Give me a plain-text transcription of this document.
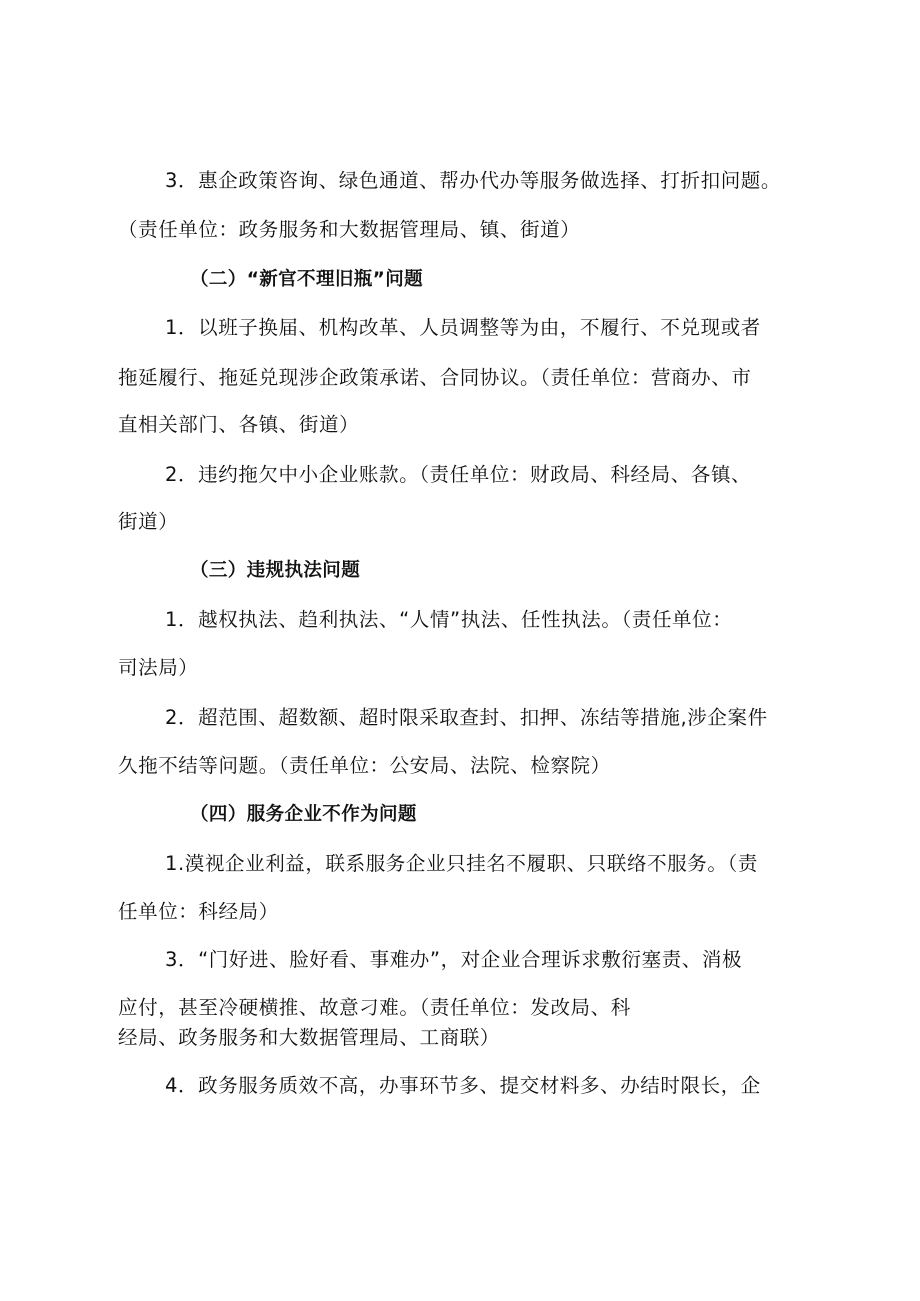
3．惠企政策咨询、绿色通道、帮办代办等服务做选择、打折扣问题。
（责任单位：政务服务和大数据管理局、镇、街道）
（二）“新官不理旧瓶”问题
1．以班子换届、机构改革、人员调整等为由，不履行、不兑现或者
拖延履行、拖延兑现涉企政策承诺、合同协议。（责任单位：营商办、市
直相关部门、各镇、街道）
2．违约拖欠中小企业账款。（责任单位：财政局、科经局、各镇、
街道）
（三）违规执法问题
1．越权执法、趋利执法、“人情”执法、任性执法。（责任单位：
司法局）
2．超范围、超数额、超时限采取查封、扣押、冻结等措施,涉企案件
久拖不结等问题。（责任单位：公安局、法院、检察院）
（四）服务企业不作为问题
1.漠视企业利益，联系服务企业只挂名不履职、只联络不服务。（责
任单位：科经局）
3．“门好进、脸好看、事难办”，对企业合理诉求敷衍塞责、消极
应付，甚至冷硬横推、故意刁难。（责任单位：发改局、科
经局、政务服务和大数据管理局、工商联）
4．政务服务质效不高，办事环节多、提交材料多、办结时限长，企
